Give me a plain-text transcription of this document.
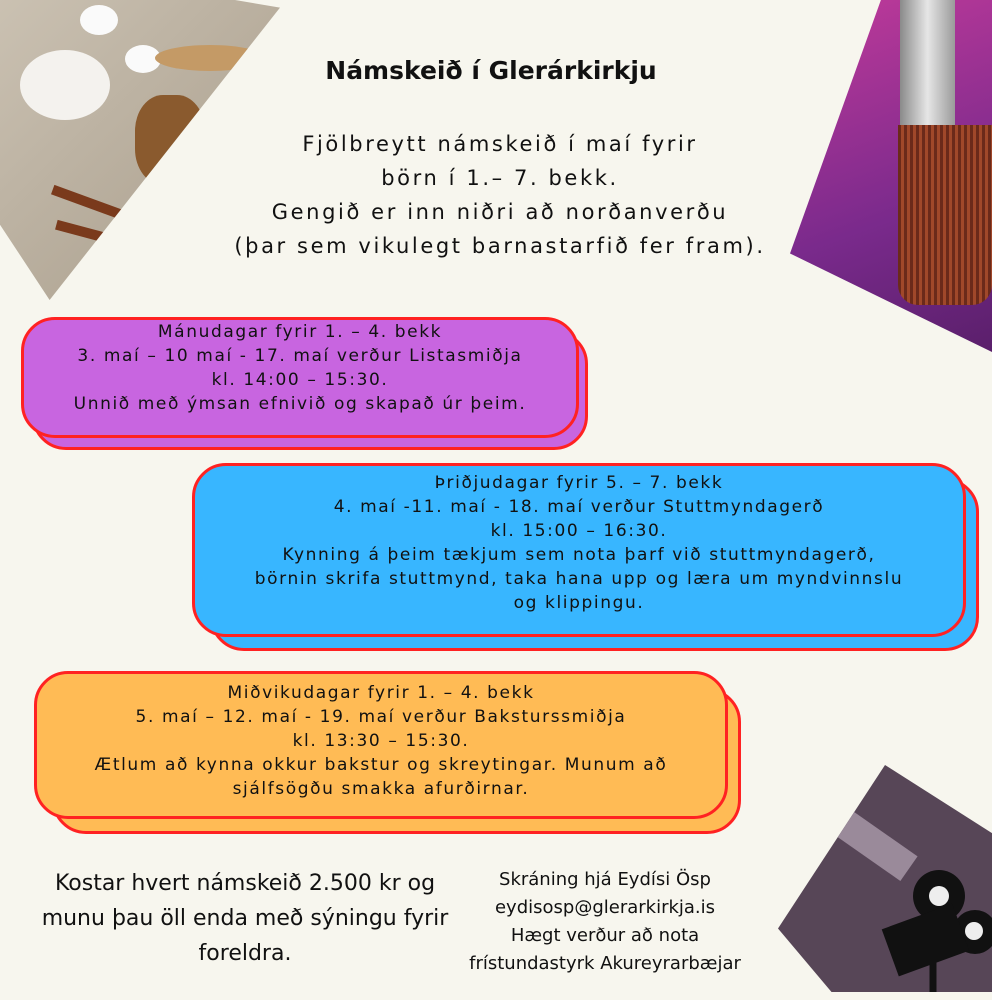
Námskeið í Glerárkirkju
Fjölbreytt námskeið í maí fyrir
börn í 1.– 7. bekk.
Gengið er inn niðri að norðanverðu
(þar sem vikulegt barnastarfið fer fram).
Mánudagar fyrir 1. – 4. bekk
3. maí – 10 maí - 17. maí verður Listasmiðja
kl. 14:00 – 15:30.
Unnið með ýmsan efnivið og skapað úr þeim.
Þriðjudagar fyrir 5. – 7. bekk
4. maí -11. maí - 18. maí verður Stuttmyndagerð
kl. 15:00 – 16:30.
Kynning á þeim tækjum sem nota þarf við stuttmyndagerð,
börnin skrifa stuttmynd, taka hana upp og læra um myndvinnslu
og klippingu.
Miðvikudagar fyrir 1. – 4. bekk
5. maí – 12. maí - 19. maí verður Baksturssmiðja
kl. 13:30 – 15:30.
Ætlum að kynna okkur bakstur og skreytingar. Munum að
sjálfsögðu smakka afurðirnar.
Kostar hvert námskeið 2.500 kr og
munu þau öll enda með sýningu fyrir
foreldra.
Skráning hjá Eydísi Ösp
eydisosp@glerarkirkja.is
Hægt verður að nota
frístundastyrk Akureyrarbæjar
